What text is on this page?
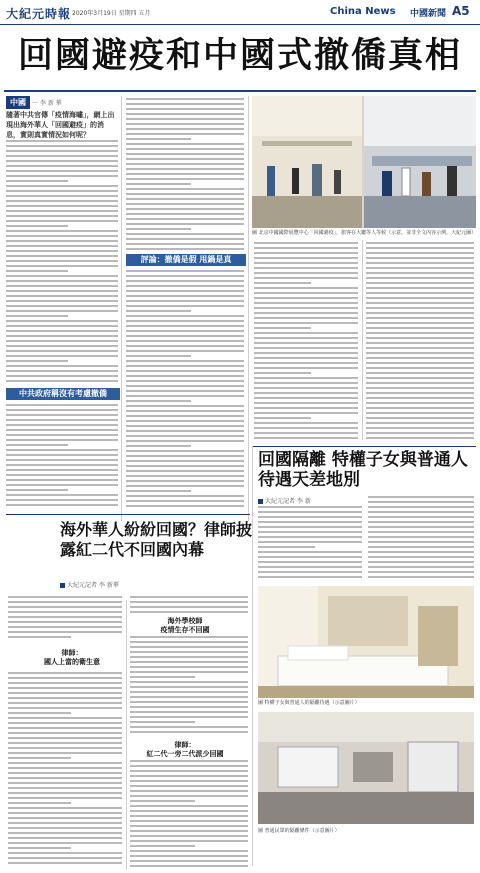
大紀元時報 2020年3月19日 星期四 五月	China News 中國新聞 A5
回國避疫和中國式撤僑真相
中國	一 李 新 華
隨著中共官傳「疫情海嘯」，網上出現出海外華人「回國避疫」的消息，實則真實情況如何呢？
中共政府稱沒有考慮撤僑
評論：撤僑是假 甩鍋是真
圖 北京中國國際展覽中心「回國避疫」，旅客在大廳等人等候（示意，並非全文內容示例，大紀元圖）
回國隔離 特權子女與普通人待遇天差地別
大紀元記者 李 新
圖 特權子女與普通人的隔離待遇（示意圖片）
圖 普通民眾的隔離條件（示意圖片）
海外華人紛紛回國？律師披露紅二代不回國內幕
大紀元記者 李 新華
律師：
國人上當的衛生意
海外學校師
疫情生存不回國
律師：
紅二代一旁二代派少回國
